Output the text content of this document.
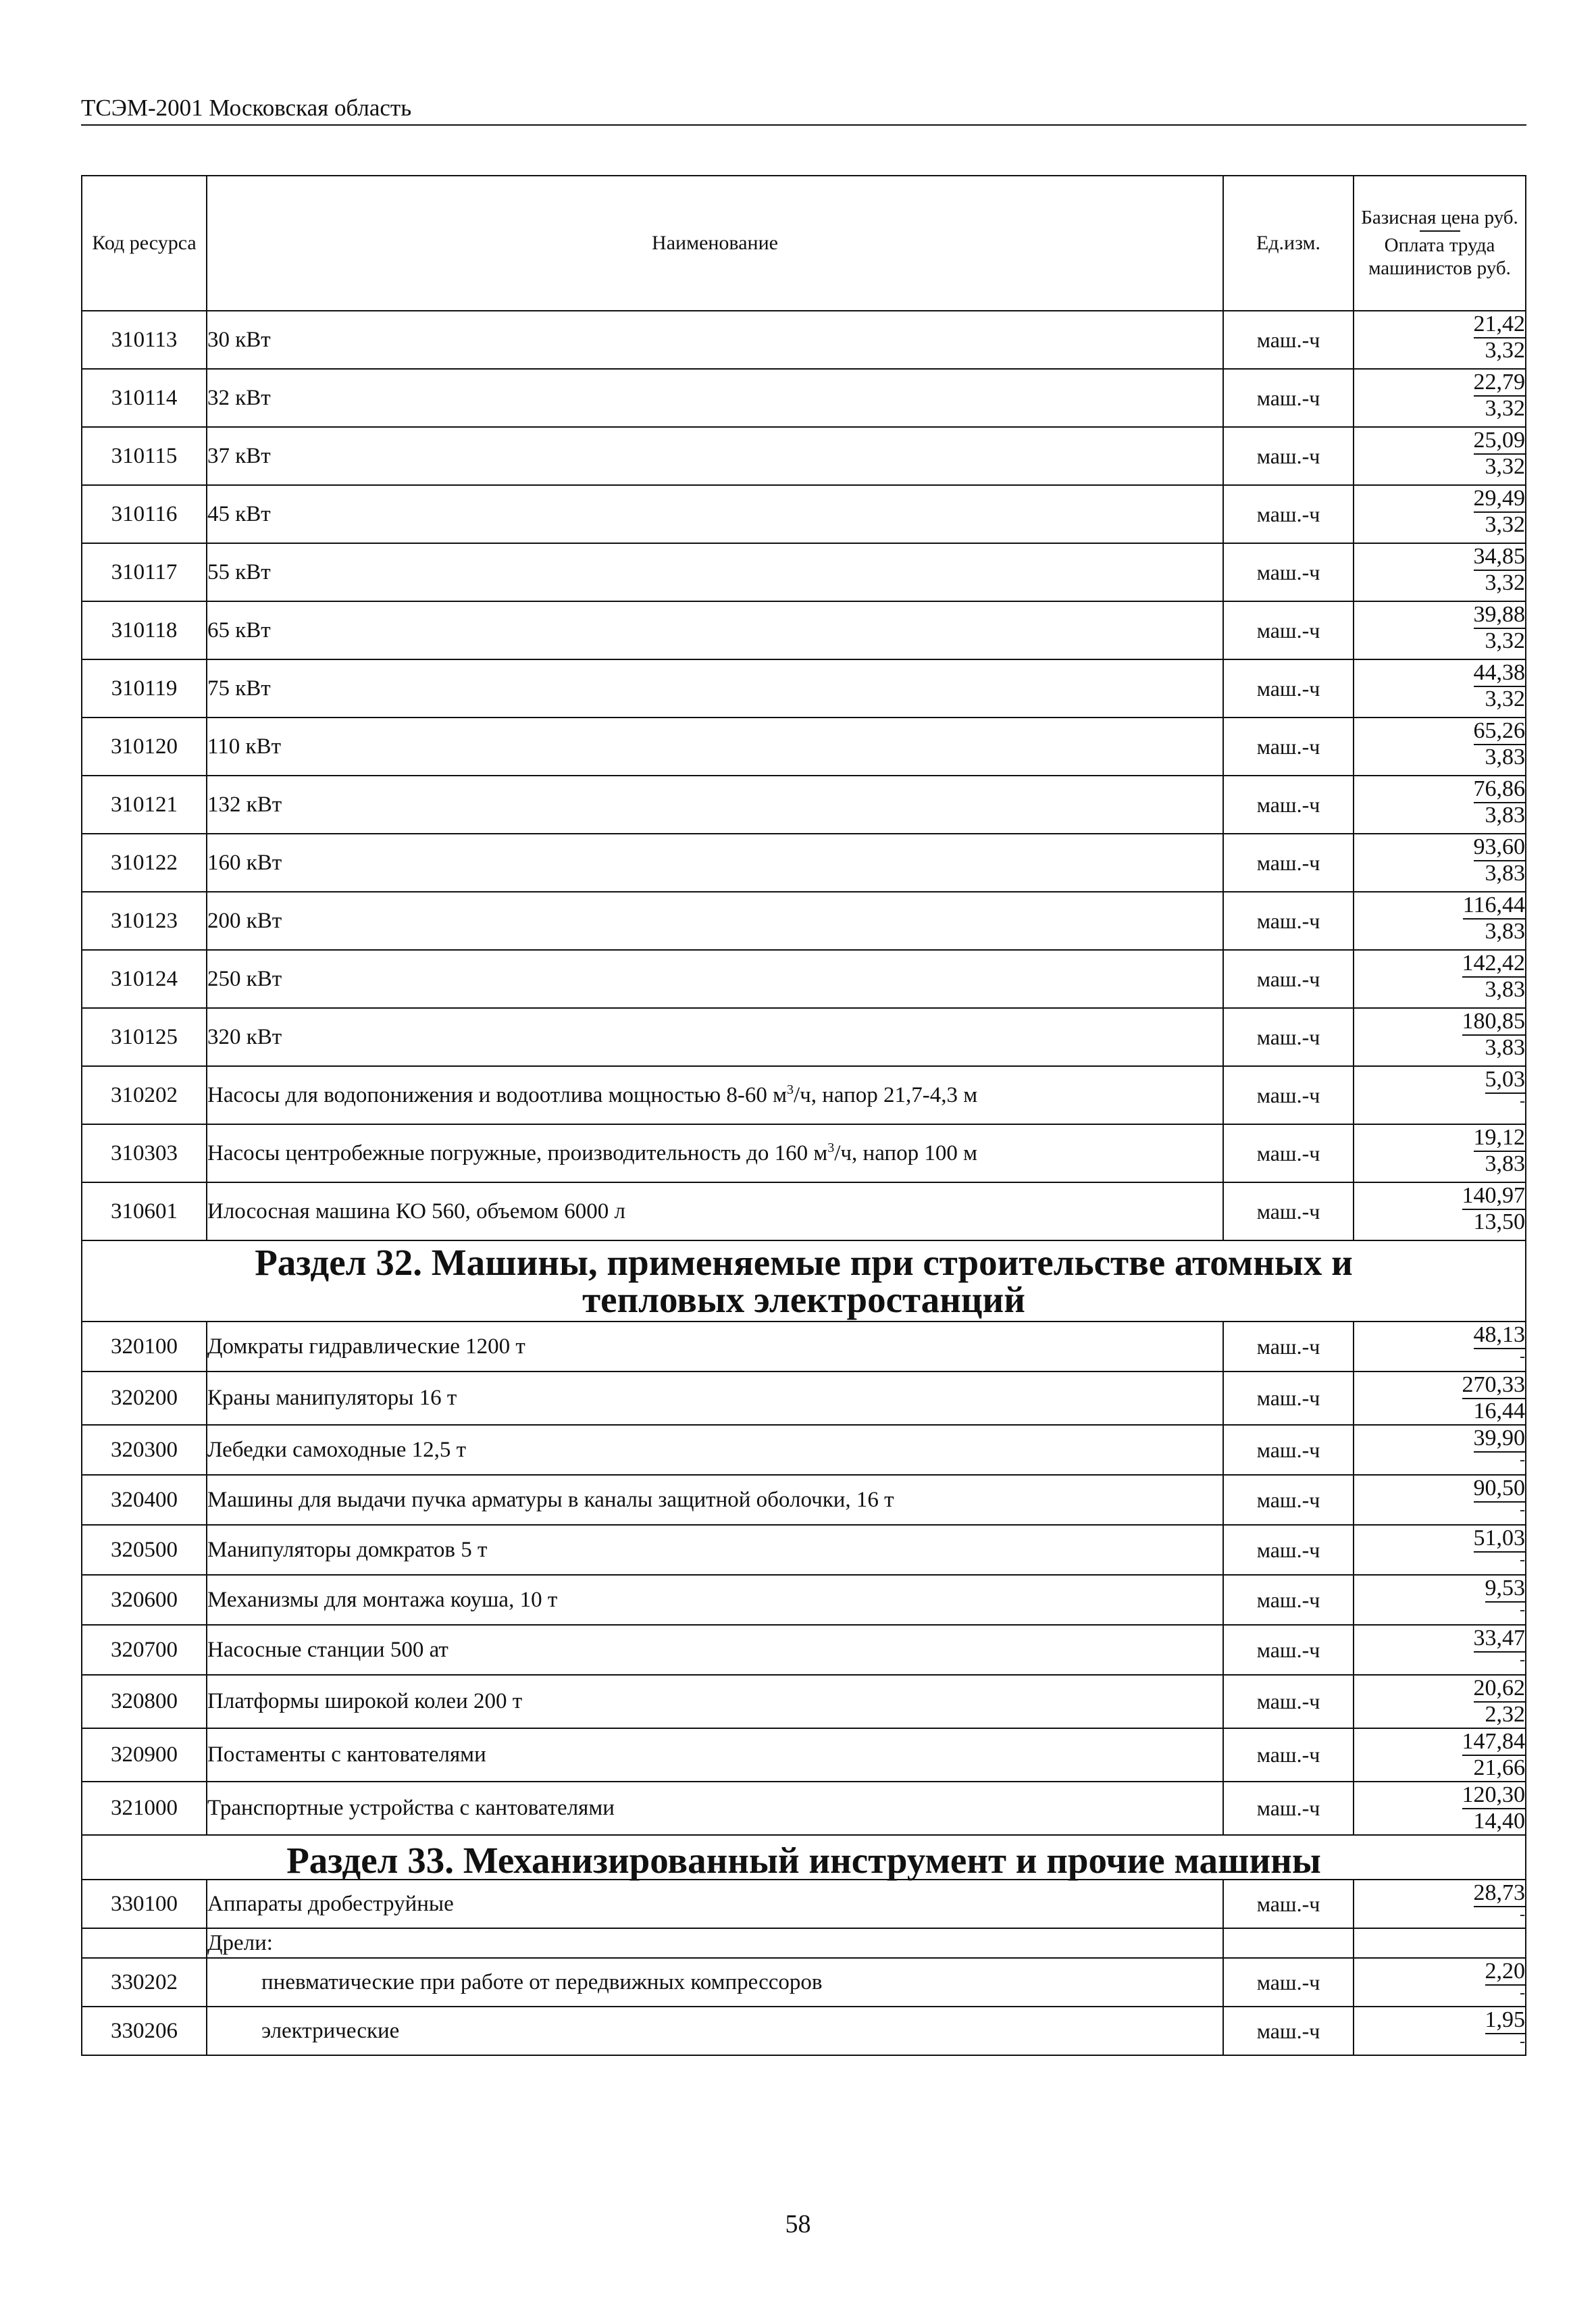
ТСЭМ-2001 Московская область
Код ресурса	Наименование	Ед.изм.	Базисная цена руб.
Оплата труда машинистов руб.

310113	30 кВт	маш.-ч	$\frac{21,42}{3,32}$

310114	32 кВт	маш.-ч	$\frac{22,79}{3,32}$

310115	37 кВт	маш.-ч	$\frac{25,09}{3,32}$

310116	45 кВт	маш.-ч	$\frac{29,49}{3,32}$

310117	55 кВт	маш.-ч	$\frac{34,85}{3,32}$

310118	65 кВт	маш.-ч	$\frac{39,88}{3,32}$

310119	75 кВт	маш.-ч	$\frac{44,38}{3,32}$

310120	110 кВт	маш.-ч	$\frac{65,26}{3,83}$

310121	132 кВт	маш.-ч	$\frac{76,86}{3,83}$

310122	160 кВт	маш.-ч	$\frac{93,60}{3,83}$

310123	200 кВт	маш.-ч	$\frac{116,44}{3,83}$

310124	250 кВт	маш.-ч	$\frac{142,42}{3,83}$

310125	320 кВт	маш.-ч	$\frac{180,85}{3,83}$

310202	Насосы для водопонижения и водоотлива мощностью 8-60 $м^3/ч$, напор 21,7-4,3 м	маш.-ч	5,03
-

310303	Насосы центробежные погружные, производительность до 160 $м^3/ч$, напор 100 м	маш.-ч	$\frac{19,12}{3,83}$

310601	Илососная машина КО 560, объемом 6000 л	маш.-ч	$\frac{140,97}{13,50}$

Раздел 32. Машины, применяемые при строительстве атомных и
тепловых электростанций			

320100	Домкраты гидравлические 1200 т	маш.-ч	48,13
-

320200	Краны манипуляторы 16 т	маш.-ч	$\frac{270,33}{16,44}$

320300	Лебедки самоходные 12,5 т	маш.-ч	39,90
-

320400	Машины для выдачи пучка арматуры в каналы защитной оболочки, 16 т	маш.-ч	90,50
-

320500	Манипуляторы домкратов 5 т	маш.-ч	51,03
-

320600	Механизмы для монтажа коуша, 10 т	маш.-ч	9,53
-

320700	Насосные станции 500 ат	маш.-ч	33,47
-

320800	Платформы широкой колеи 200 т	маш.-ч	$\frac{20,62}{2,32}$

320900	Постаменты с кантователями	маш.-ч	$\frac{147,84}{21,66}$

321000	Транспортные устройства с кантователями	маш.-ч	$\frac{120,30}{14,40}$

Раздел 33. Механизированный инструмент и прочие машины			
330100	Аппараты дробеструйные	маш.-ч	28,73
-

	Дрели:		
330202	пневматические при работе от передвижных компрессоров	маш.-ч	2,20
-

330206	электрические	маш.-ч	1,95
-
58
